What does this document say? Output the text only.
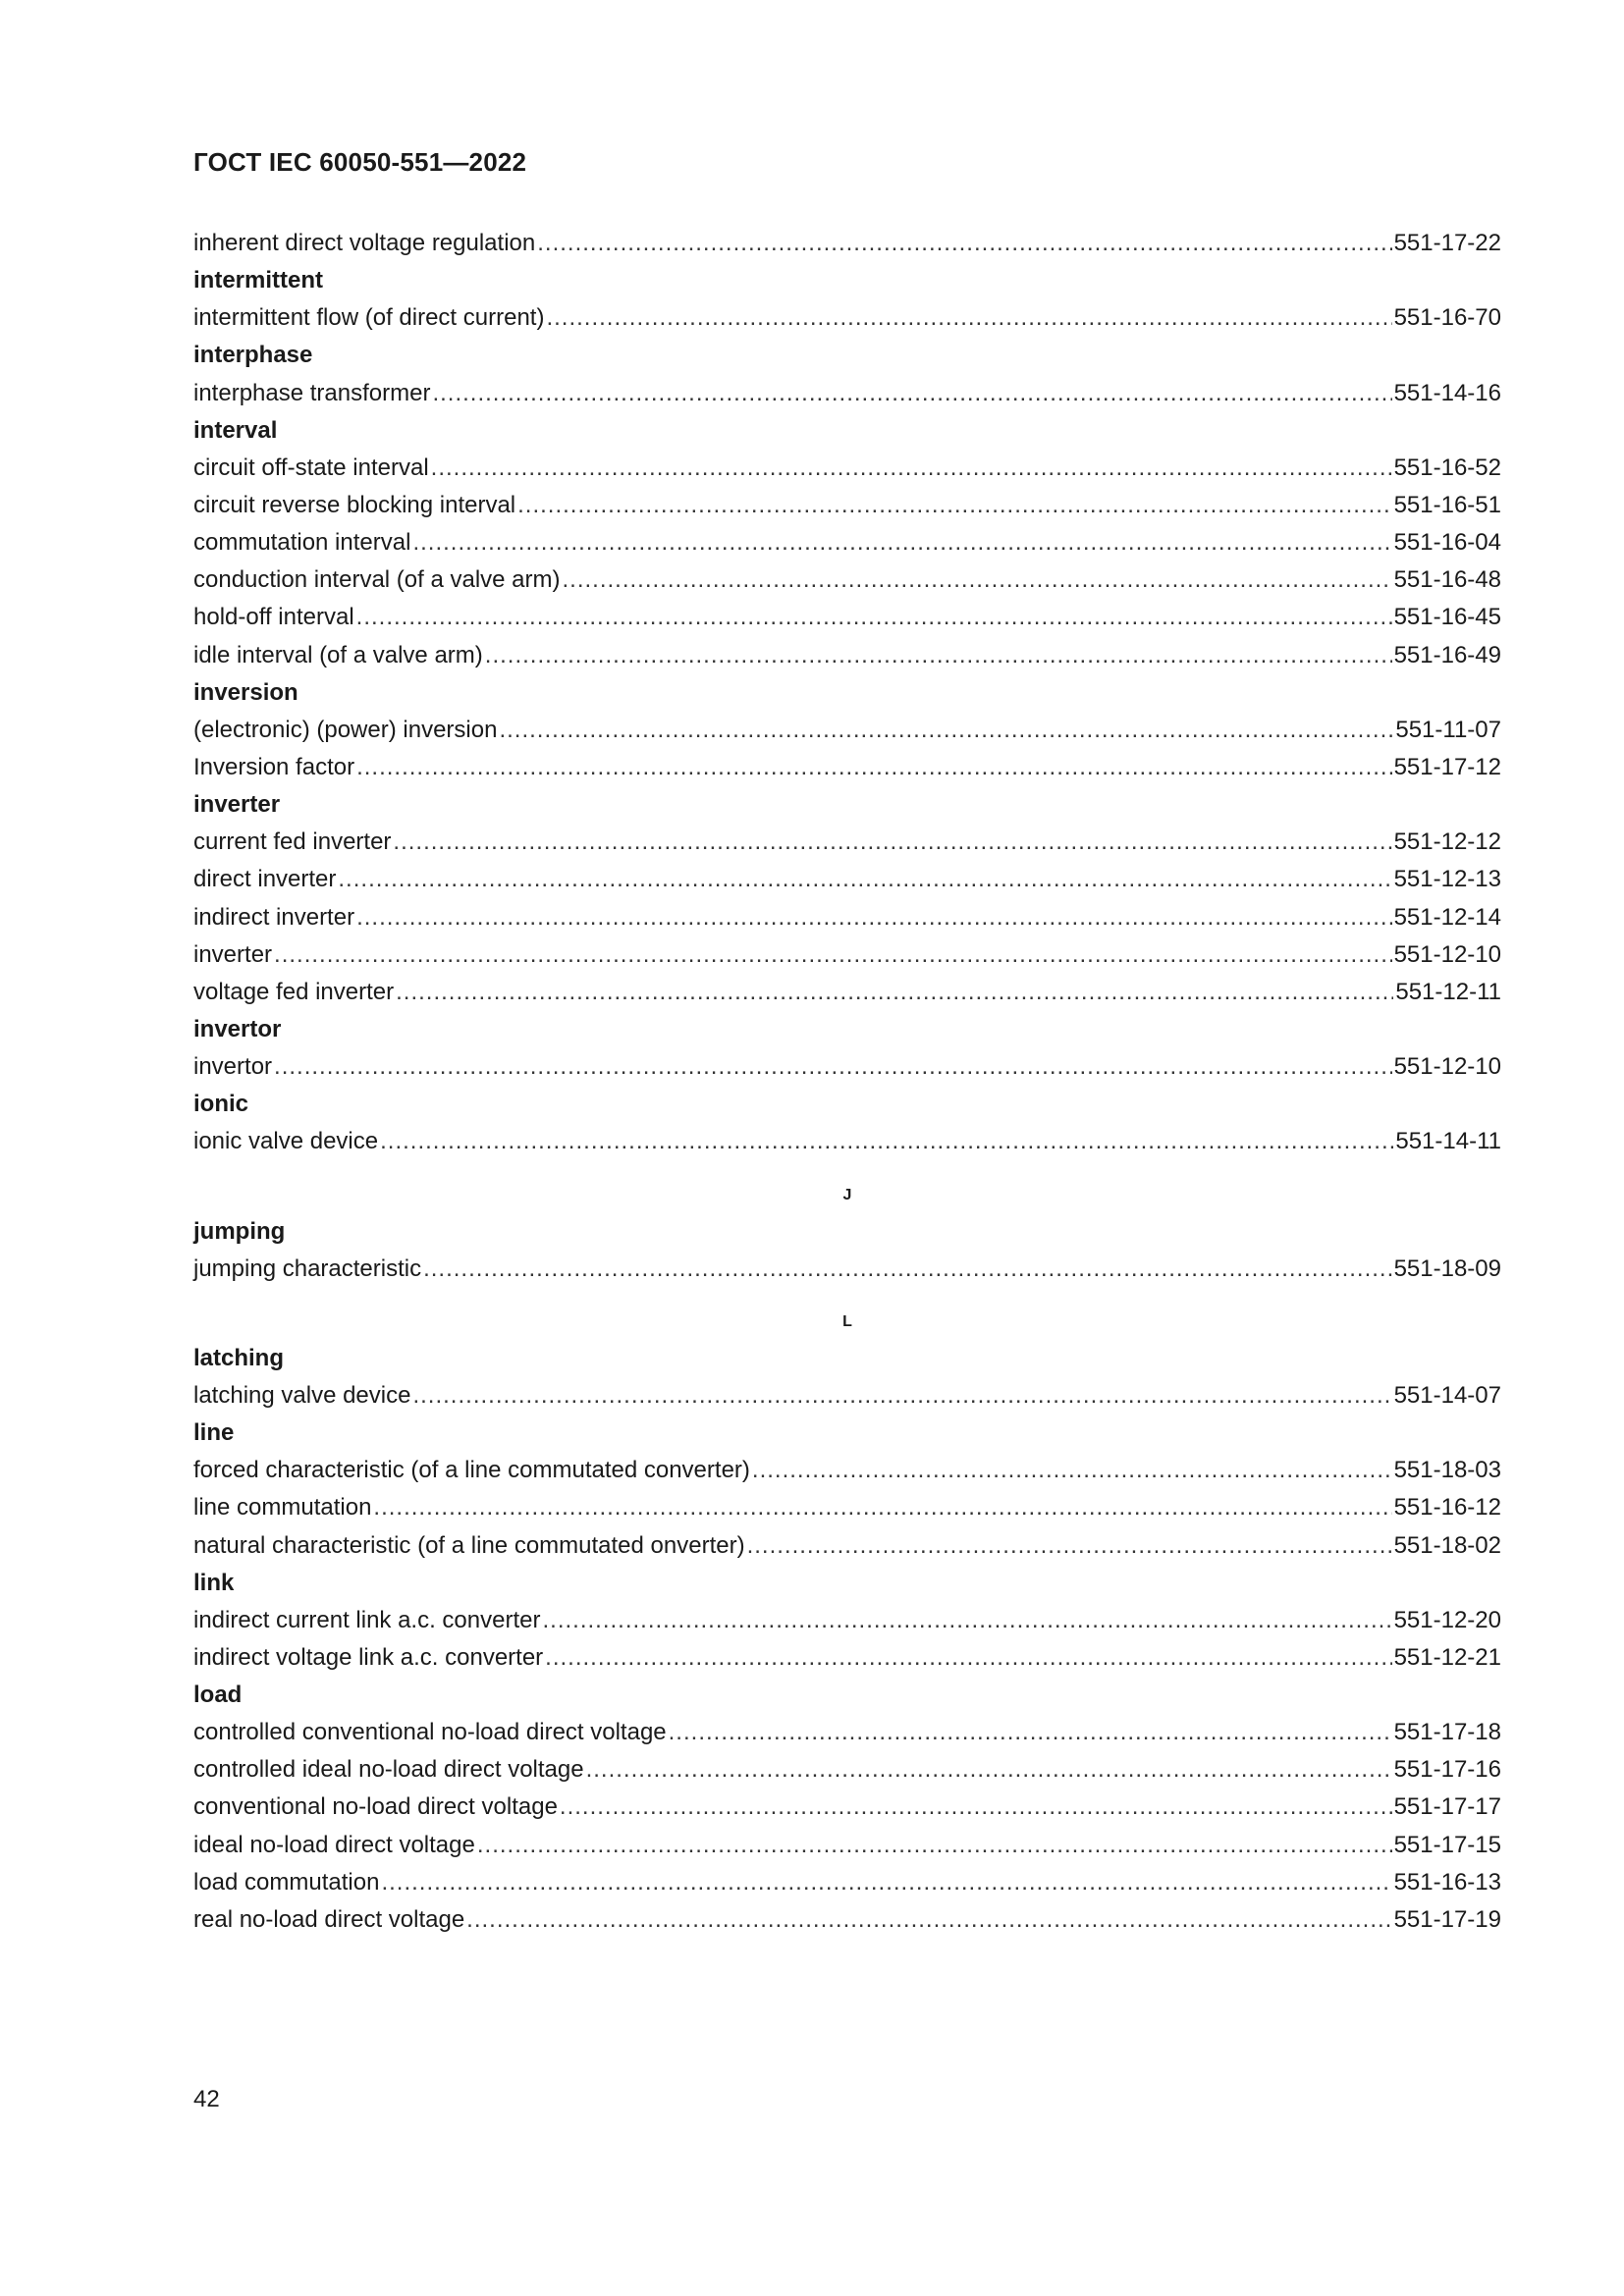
ГОСТ IEC 60050-551—2022
inherent direct voltage regulation .....	551-17-22
intermittent
intermittent flow (of direct current) .....	551-16-70
interphase
interphase transformer .....	551-14-16
interval
circuit off-state interval .....	551-16-52
circuit reverse blocking interval .....	551-16-51
commutation interval .....	551-16-04
conduction interval (of a valve arm) .....	551-16-48
hold-off interval .....	551-16-45
idle interval (of a valve arm) .....	551-16-49
inversion
(electronic) (power) inversion .....	551-11-07
Inversion factor .....	551-17-12
inverter
current fed inverter .....	551-12-12
direct inverter .....	551-12-13
indirect inverter .....	551-12-14
inverter .....	551-12-10
voltage fed inverter .....	551-12-11
invertor
invertor .....	551-12-10
ionic
ionic valve device .....	551-14-11
J
jumping
jumping characteristic .....	551-18-09
L
latching
latching valve device .....	551-14-07
line
forced characteristic (of a line commutated converter) .....	551-18-03
line commutation .....	551-16-12
natural characteristic (of a line commutated onverter) .....	551-18-02
link
indirect current link a.c. converter .....	551-12-20
indirect voltage link a.c. converter .....	551-12-21
load
controlled conventional no-load direct voltage .....	551-17-18
controlled ideal no-load direct voltage .....	551-17-16
conventional no-load direct voltage .....	551-17-17
ideal no-load direct voltage .....	551-17-15
load commutation .....	551-16-13
real no-load direct voltage .....	551-17-19
42
